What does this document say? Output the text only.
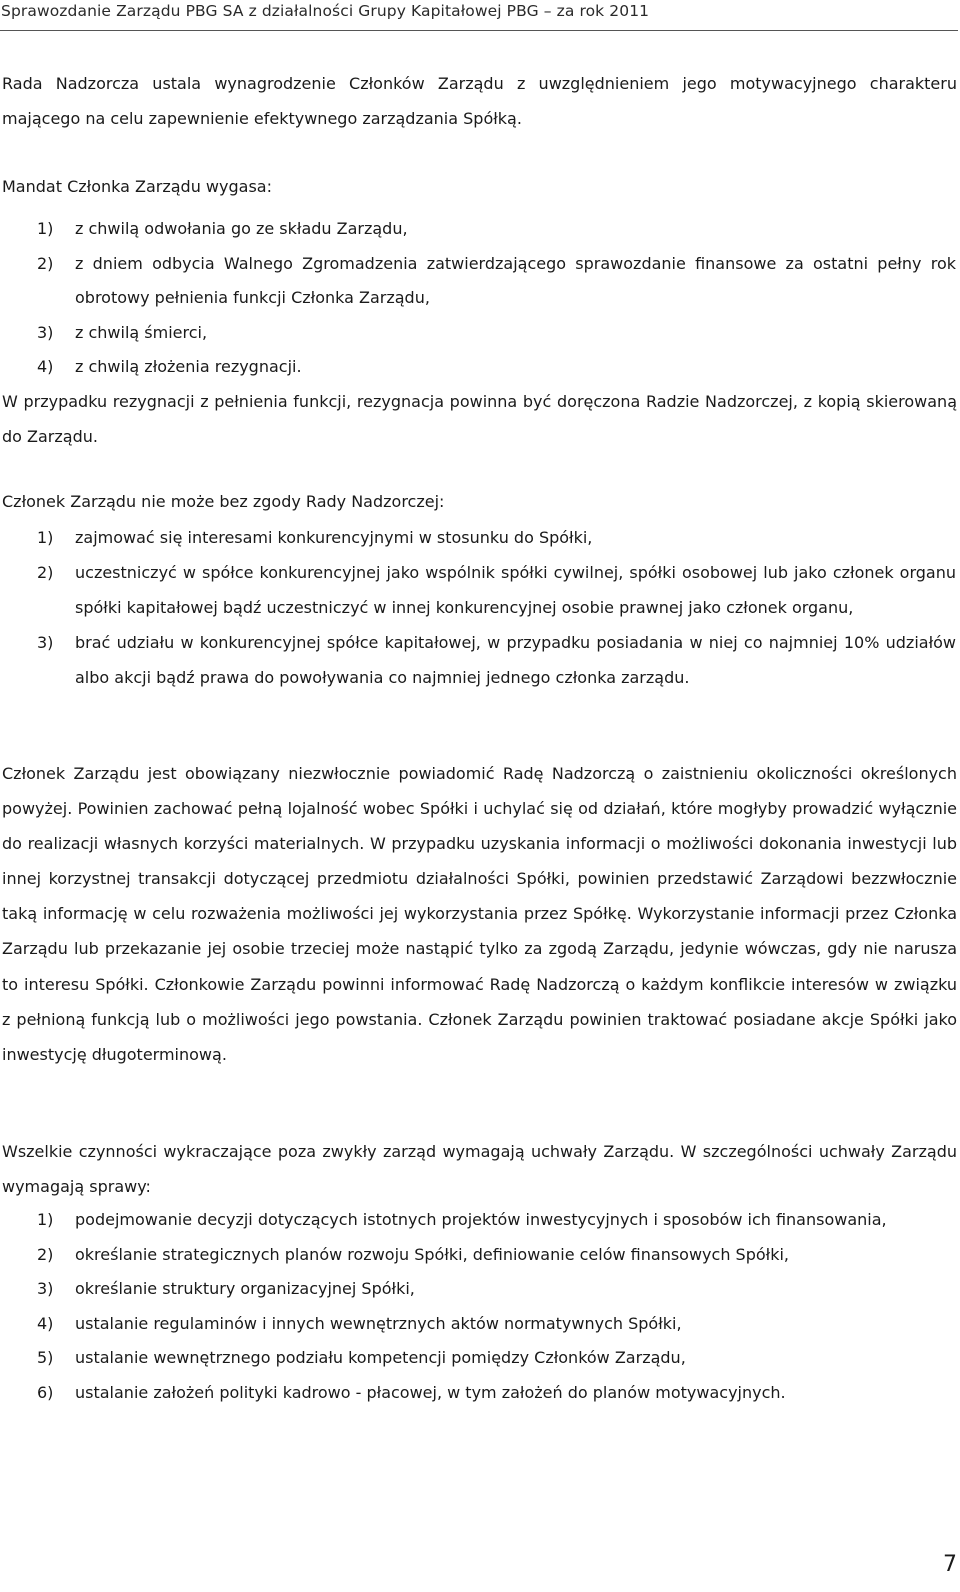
Sprawozdanie Zarządu PBG SA z działalności Grupy Kapitałowej PBG – za rok 2011
Rada Nadzorcza ustala wynagrodzenie Członków Zarządu z uwzględnieniem jego motywacyjnego charakteru mającego na celu zapewnienie efektywnego zarządzania Spółką.
Mandat Członka Zarządu wygasa:
1) z chwilą odwołania go ze składu Zarządu,
2) z dniem odbycia Walnego Zgromadzenia zatwierdzającego sprawozdanie finansowe za ostatni pełny rok obrotowy pełnienia funkcji Członka Zarządu,
3) z chwilą śmierci,
4) z chwilą złożenia rezygnacji.
W przypadku rezygnacji z pełnienia funkcji, rezygnacja powinna być doręczona Radzie Nadzorczej, z kopią skierowaną do Zarządu.
Członek Zarządu nie może bez zgody Rady Nadzorczej:
1) zajmować się interesami konkurencyjnymi w stosunku do Spółki,
2) uczestniczyć w spółce konkurencyjnej jako wspólnik spółki cywilnej, spółki osobowej lub jako członek organu spółki kapitałowej bądź uczestniczyć w innej konkurencyjnej osobie prawnej jako członek organu,
3) brać udziału w konkurencyjnej spółce kapitałowej, w przypadku posiadania w niej co najmniej 10% udziałów albo akcji bądź prawa do powoływania co najmniej jednego członka zarządu.
Członek Zarządu jest obowiązany niezwłocznie powiadomić Radę Nadzorczą o zaistnieniu okoliczności określonych powyżej. Powinien zachować pełną lojalność wobec Spółki i uchylać się od działań, które mogłyby prowadzić wyłącznie do realizacji własnych korzyści materialnych. W przypadku uzyskania informacji o możliwości dokonania inwestycji lub innej korzystnej transakcji dotyczącej przedmiotu działalności Spółki, powinien przedstawić Zarządowi bezzwłocznie taką informację w celu rozważenia możliwości jej wykorzystania przez Spółkę. Wykorzystanie informacji przez Członka Zarządu lub przekazanie jej osobie trzeciej może nastąpić tylko za zgodą Zarządu, jedynie wówczas, gdy nie narusza to interesu Spółki. Członkowie Zarządu powinni informować Radę Nadzorczą o każdym konflikcie interesów w związku z pełnioną funkcją lub o możliwości jego powstania. Członek Zarządu powinien traktować posiadane akcje Spółki jako inwestycję długoterminową.
Wszelkie czynności wykraczające poza zwykły zarząd wymagają uchwały Zarządu. W szczególności uchwały Zarządu wymagają sprawy:
1) podejmowanie decyzji dotyczących istotnych projektów inwestycyjnych i sposobów ich finansowania,
2) określanie strategicznych planów rozwoju Spółki, definiowanie celów finansowych Spółki,
3) określanie struktury organizacyjnej Spółki,
4) ustalanie regulaminów i innych wewnętrznych aktów normatywnych Spółki,
5) ustalanie wewnętrznego podziału kompetencji pomiędzy Członków Zarządu,
6) ustalanie założeń polityki kadrowo - płacowej, w tym założeń do planów motywacyjnych.
7
